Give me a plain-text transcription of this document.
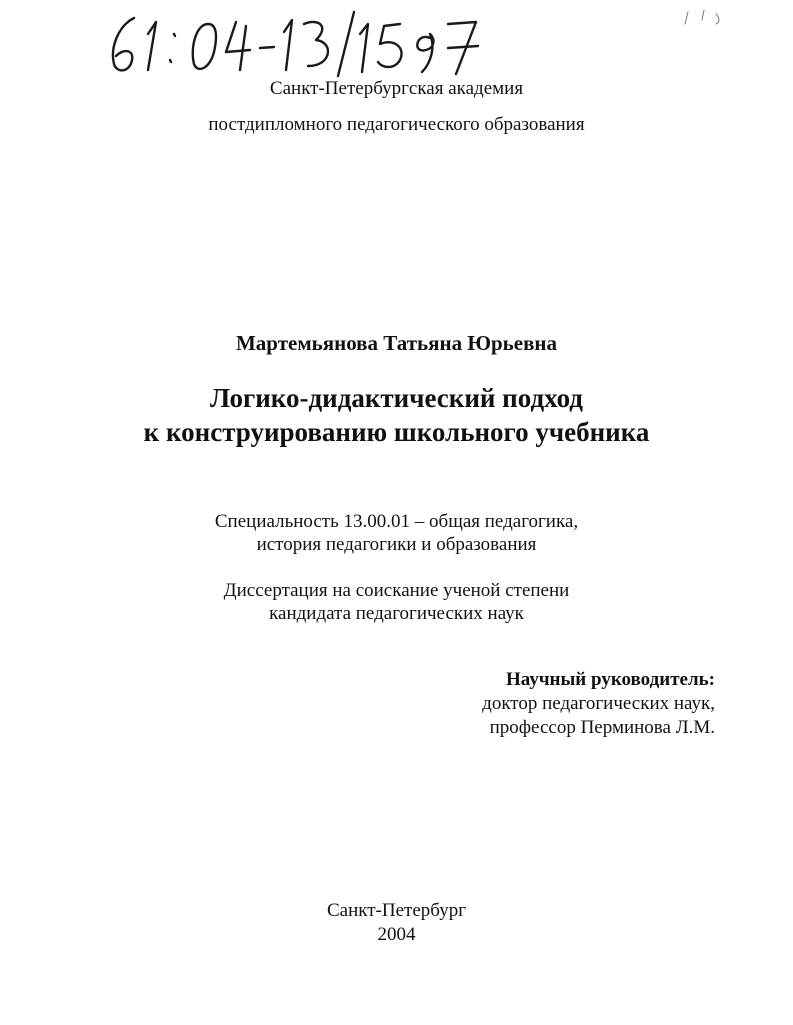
Санкт-Петербургская академия
постдипломного педагогического образования
Мартемьянова Татьяна Юрьевна
Логико-дидактический подход
к конструированию школьного учебника
Специальность 13.00.01 – общая педагогика,
история педагогики и образования
Диссертация на соискание ученой степени
кандидата педагогических наук
Научный руководитель:
доктор педагогических наук,
профессор Перминова Л.М.
Санкт-Петербург
2004
